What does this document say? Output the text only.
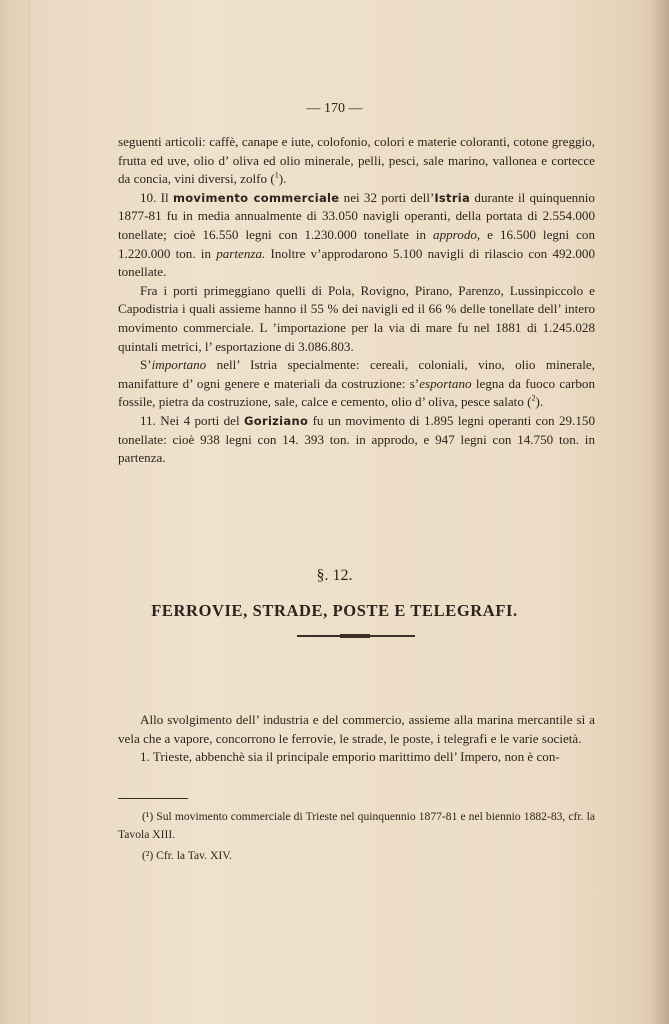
— 170 —

seguenti articoli: caffè, canape e iute, colofonio, colori e materie coloranti, cotone greggio, frutta ed uve, olio d’ oliva ed olio minerale, pelli, pesci, sale marino, vallonea e cortecce da concia, vini diversi, zolfo ($^1$).

10. Il movimento commerciale nei 32 porti dell’Istria durante il quinquennio 1877-81 fu in media annualmente di 33.050 navigli operanti, della portata di 2.554.000 tonellate; cioè 16.550 legni con 1.230.000 tonellate in approdo, e 16.500 legni con 1.220.000 ton. in partenza. Inoltre v’approdarono 5.100 navigli di rilascio con 492.000 tonellate.

Fra i porti primeggiano quelli di Pola, Rovigno, Pirano, Parenzo, Lussinpiccolo e Capodistria i quali assieme hanno il 55 % dei navigli ed il 66 % delle tonellate dell’ intero movimento commerciale. L ’importazione per la via di mare fu nel 1881 di 1.245.028 quintali metrici, l’ esportazione di 3.086.803.

S’importano nell’ Istria specialmente: cereali, coloniali, vino, olio minerale, manifatture d’ ogni genere e materiali da costruzione: s’esportano legna da fuoco carbon fossile, pietra da costruzione, sale, calce e cemento, olio d’ oliva, pesce salato ($^2$).

11. Nei 4 porti del Goriziano fu un movimento di 1.895 legni operanti con 29.150 tonellate: cioè 938 legni con 14. 393 ton. in approdo, e 947 legni con 14.750 ton. in partenza.

§. 12.
FERROVIE, STRADE, POSTE E TELEGRAFI.

Allo svolgimento dell’ industria e del commercio, assieme alla marina mercantile sì a vela che a vapore, concorrono le ferrovie, le strade, le poste, i telegrafi e le varie società.

1. Trieste, abbenchè sia il principale emporio marittimo dell’ Impero, non è con-

(¹) Sul movimento commerciale di Trieste nel quinquennio 1877-81 e nel biennio 1882-83, cfr. la Tavola XIII.

(²) Cfr. la Tav. XIV.
